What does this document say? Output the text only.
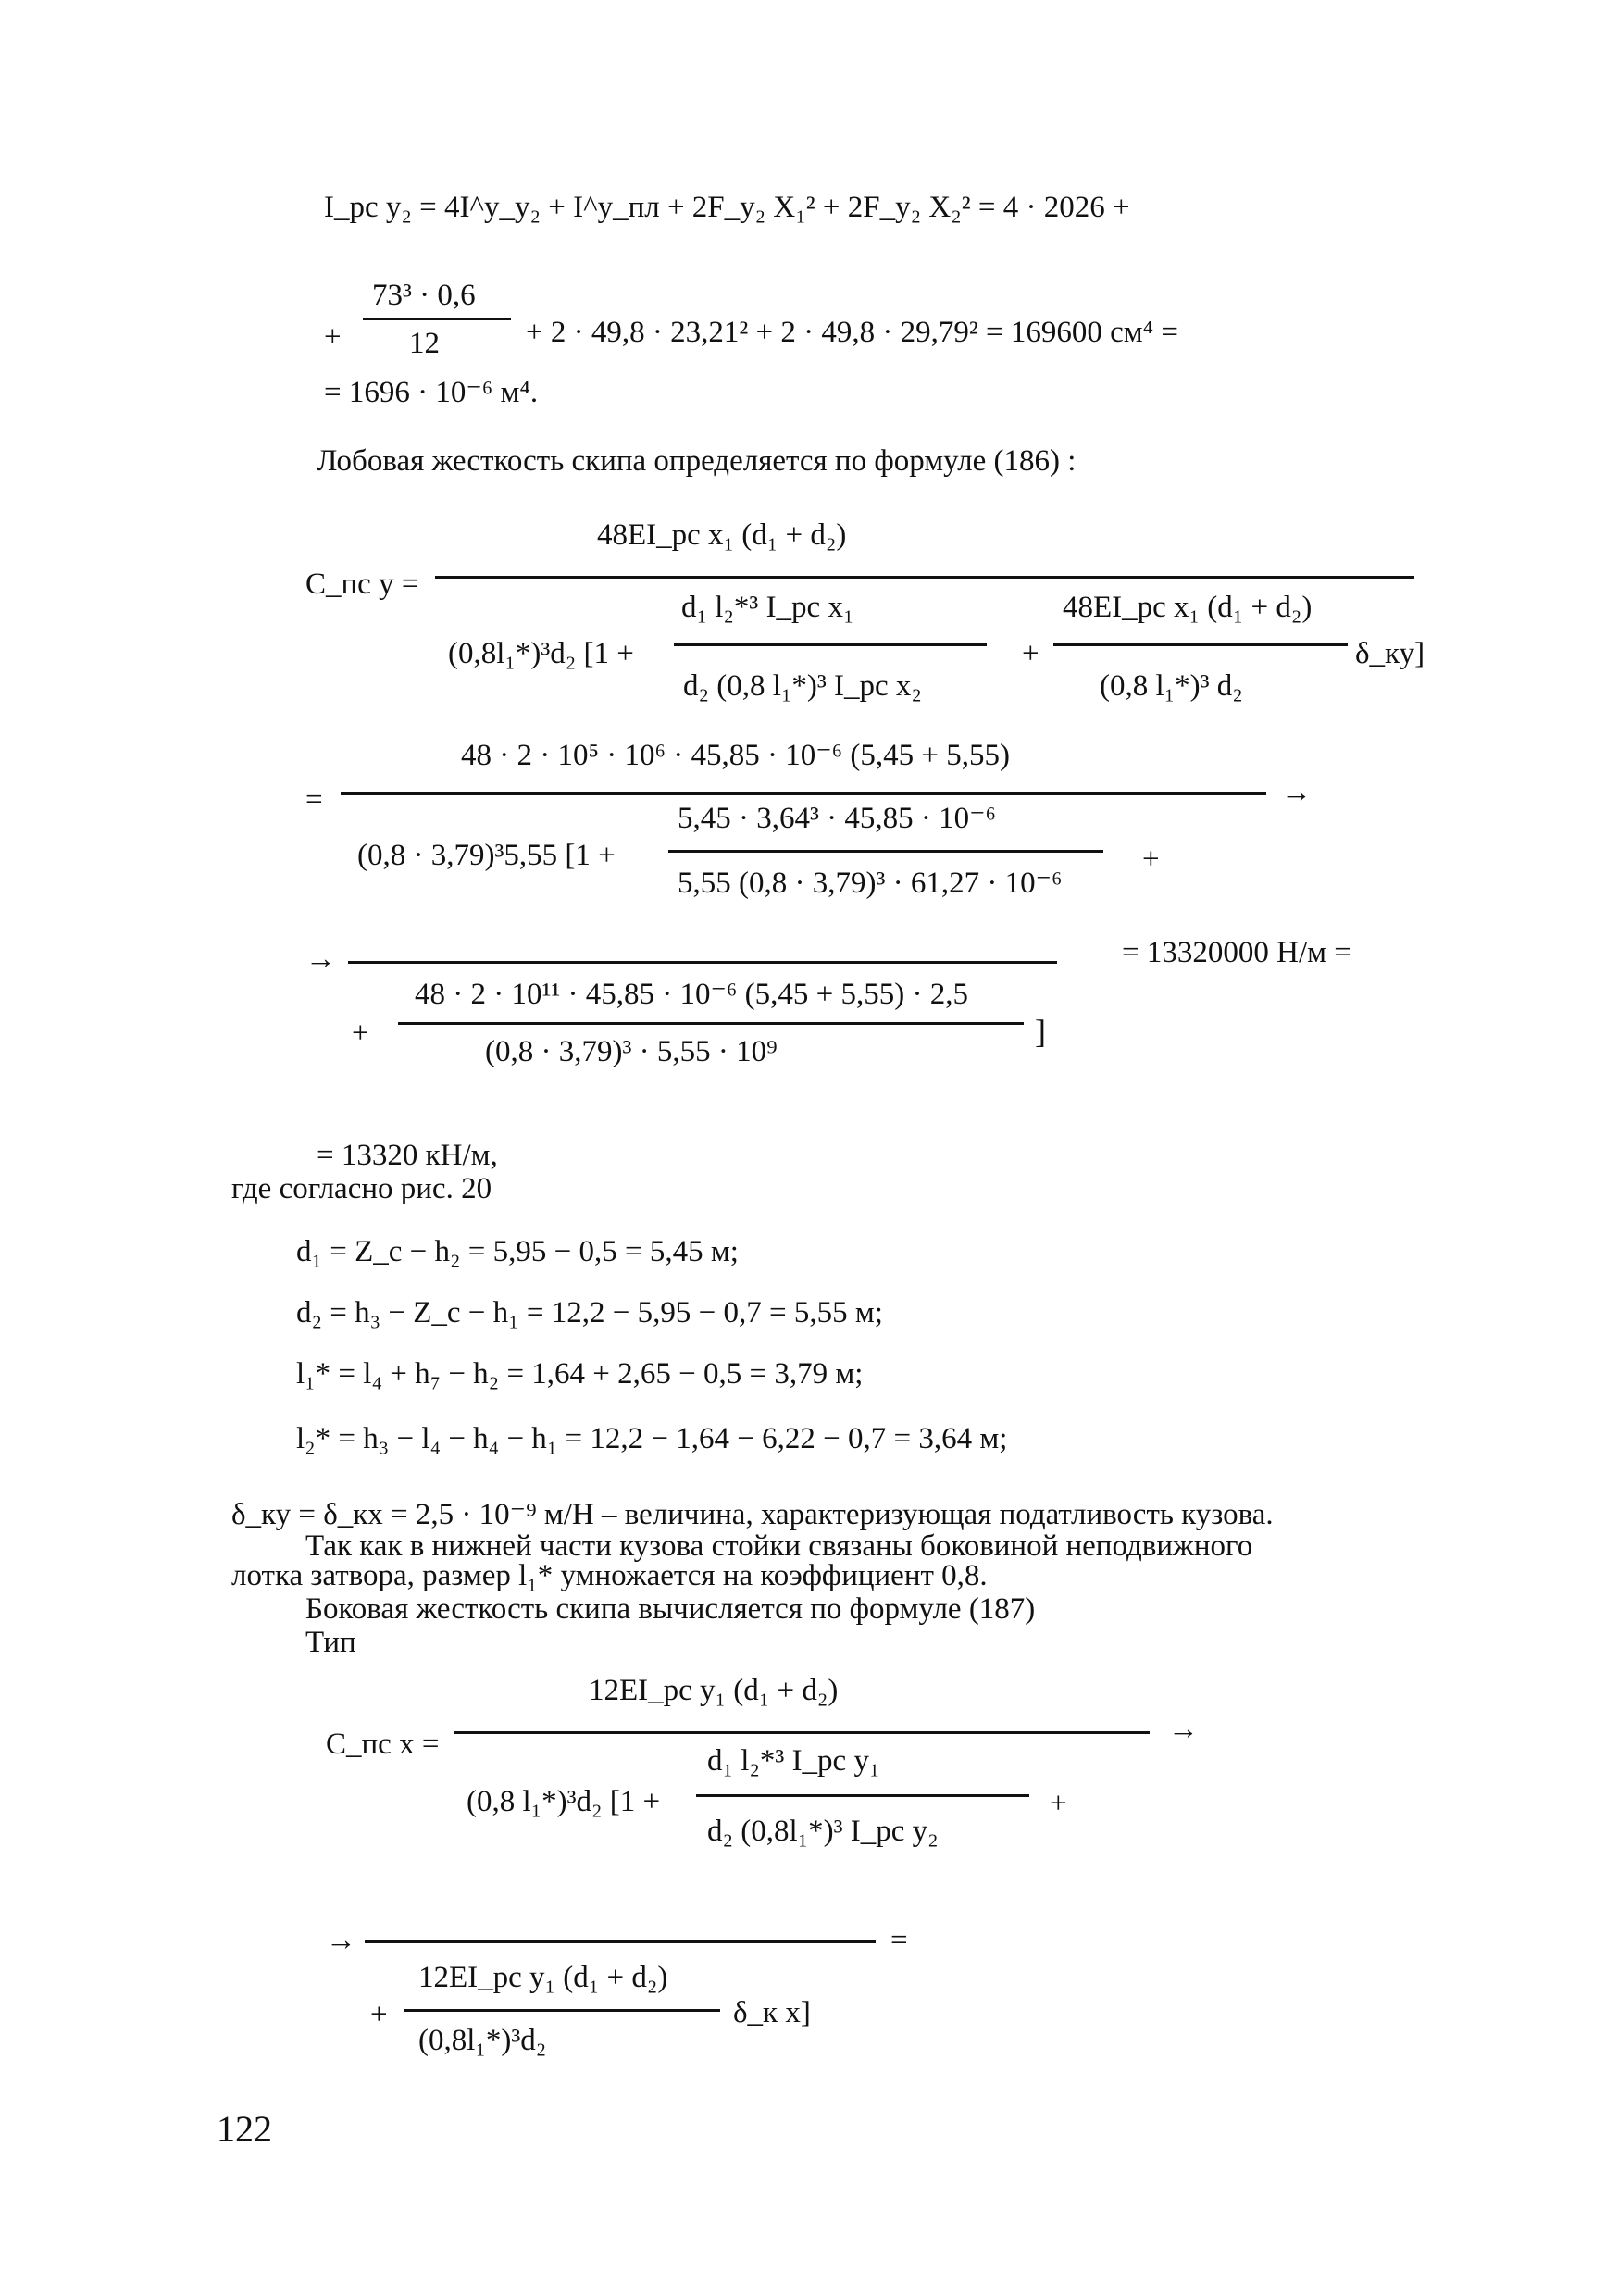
I_рс y₂ = 4I^y_y₂ + I^y_пл + 2F_y₂ X₁² + 2F_y₂ X₂² = 4 · 2026 +
+
73³ · 0,6
12	+ 2 · 49,8 · 23,21² + 2 · 49,8 · 29,79² = 169600 см⁴ =
= 1696 · 10⁻⁶ м⁴.
Лобовая жесткость скипа определяется по формуле (186) :
C_пс y =
48EI_рс x₁ (d₁ + d₂)
(0,8l₁*)³d₂ [1 +
d₁ l₂*³ I_рс x₁
d₂ (0,8 l₁*)³ I_рс x₂
+
48EI_рс x₁ (d₁ + d₂)
(0,8 l₁*)³ d₂
δ_ку]
=
48 · 2 · 10⁵ · 10⁶ · 45,85 · 10⁻⁶ (5,45 + 5,55)
→
(0,8 · 3,79)³5,55 [1 +
5,45 · 3,64³ · 45,85 · 10⁻⁶
5,55 (0,8 · 3,79)³ · 61,27 · 10⁻⁶
+
→	= 13320000 Н/м =
+
48 · 2 · 10¹¹ · 45,85 · 10⁻⁶ (5,45 + 5,55) · 2,5
(0,8 · 3,79)³ · 5,55 · 10⁹
]
= 13320 кН/м,
где согласно рис. 20
d₁ = Z_c − h₂ = 5,95 − 0,5 = 5,45 м;
d₂ = h₃ − Z_c − h₁ = 12,2 − 5,95 − 0,7 = 5,55 м;
l₁* = l₄ + h₇ − h₂ = 1,64 + 2,65 − 0,5 = 3,79 м;
l₂* = h₃ − l₄ − h₄ − h₁ = 12,2 − 1,64 − 6,22 − 0,7 = 3,64 м;
δ_ку = δ_кх = 2,5 · 10⁻⁹ м/Н – величина, характеризующая податливость кузова.
Так как в нижней части кузова стойки связаны боковиной неподвижного
лотка затвора, размер l₁* умножается на коэффициент 0,8.
Боковая жесткость скипа вычисляется по формуле (187)
Тип
C_пс x =
12EI_рс y₁ (d₁ + d₂)
→
(0,8 l₁*)³d₂ [1 +
d₁ l₂*³ I_рс y₁
d₂ (0,8l₁*)³ I_рс y₂
+
→	=
+
12EI_рс y₁ (d₁ + d₂)
(0,8l₁*)³d₂
δ_к x]
122
